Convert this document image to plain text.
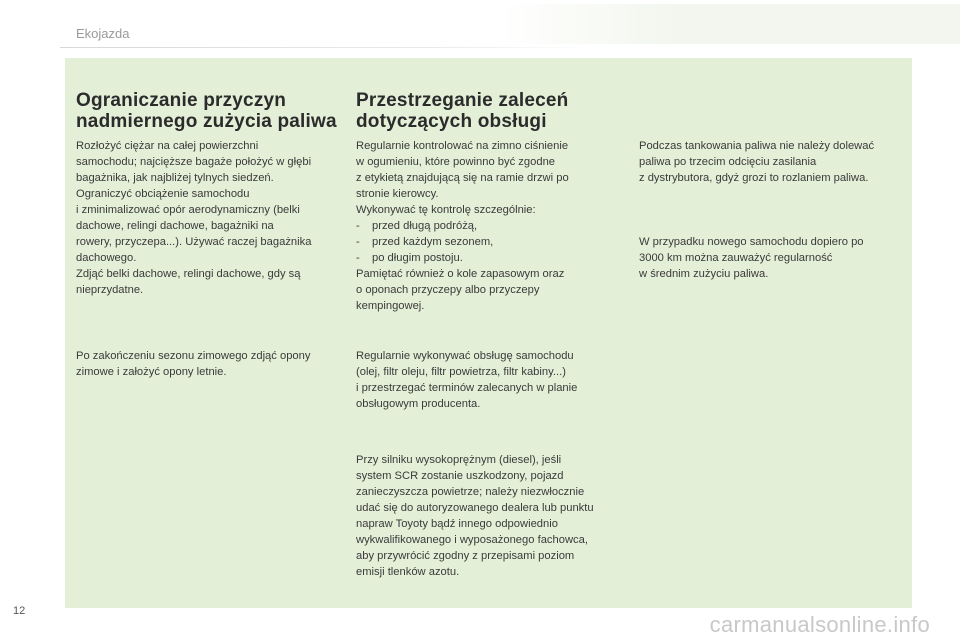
Ekojazda
Ograniczanie przyczyn
nadmiernego zużycia paliwa

Rozłożyć ciężar na całej powierzchni
samochodu; najcięższe bagaże położyć w głębi
bagażnika, jak najbliżej tylnych siedzeń.
Ograniczyć obciążenie samochodu
i zminimalizować opór aerodynamiczny (belki
dachowe, relingi dachowe, bagażniki na
rowery, przyczepa...). Używać raczej bagażnika
dachowego.
Zdjąć belki dachowe, relingi dachowe, gdy są
nieprzydatne.

Po zakończeniu sezonu zimowego zdjąć opony
zimowe i założyć opony letnie.

Przestrzeganie zaleceń
dotyczących obsługi

Regularnie kontrolować na zimno ciśnienie
w ogumieniu, które powinno być zgodne
z etykietą znajdującą się na ramie drzwi po
stronie kierowcy.
Wykonywać tę kontrolę szczególnie:

- przed długą podróżą,
- przed każdym sezonem,
- po długim postoju.

Pamiętać również o kole zapasowym oraz
o oponach przyczepy albo przyczepy
kempingowej.

Regularnie wykonywać obsługę samochodu
(olej, filtr oleju, filtr powietrza, filtr kabiny...)
i przestrzegać terminów zalecanych w planie
obsługowym producenta.

Przy silniku wysokoprężnym (diesel), jeśli
system SCR zostanie uszkodzony, pojazd
zanieczyszcza powietrze; należy niezwłocznie
udać się do autoryzowanego dealera lub punktu
napraw Toyoty bądź innego odpowiednio
wykwalifikowanego i wyposażonego fachowca,
aby przywrócić zgodny z przepisami poziom
emisji tlenków azotu.

Podczas tankowania paliwa nie należy dolewać
paliwa po trzecim odcięciu zasilania
z dystrybutora, gdyż grozi to rozlaniem paliwa.

W przypadku nowego samochodu dopiero po
3000 km można zauważyć regularność
w średnim zużyciu paliwa.

12
carmanualsonline.info
